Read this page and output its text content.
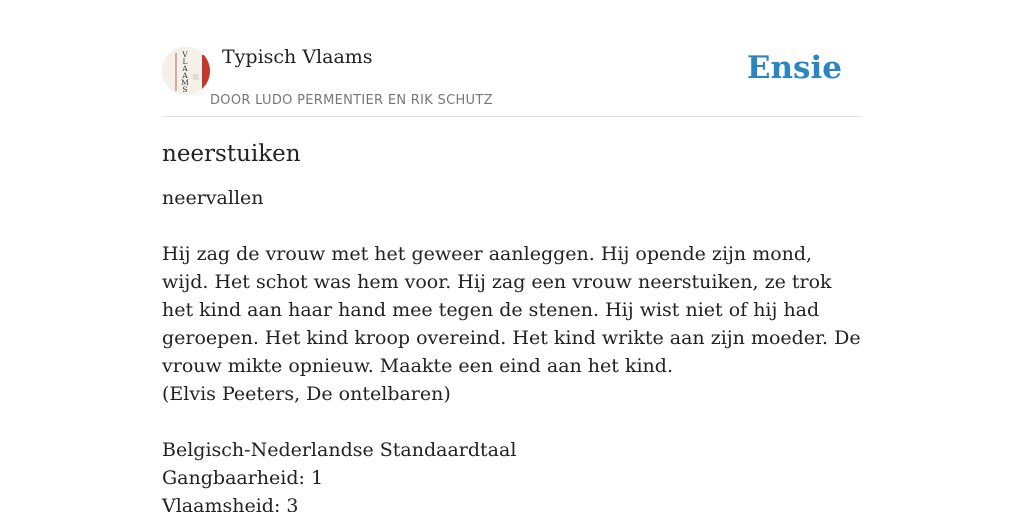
V L A A M S
Typisch Vlaams
DOOR LUDO PERMENTIER EN RIK SCHUTZ
Ensie
neerstuiken

neervallen

Hij zag de vrouw met het geweer aanleggen. Hij opende zijn mond, wijd. Het schot was hem voor. Hij zag een vrouw neerstuiken, ze trok het kind aan haar hand mee tegen de stenen. Hij wist niet of hij had geroepen. Het kind kroop overeind. Het kind wrikte aan zijn moeder. De vrouw mikte opnieuw. Maakte een eind aan het kind.

(Elvis Peeters, De ontelbaren)

Belgisch-Nederlandse Standaardtaal
Gangbaarheid: 1
Vlaamsheid: 3
